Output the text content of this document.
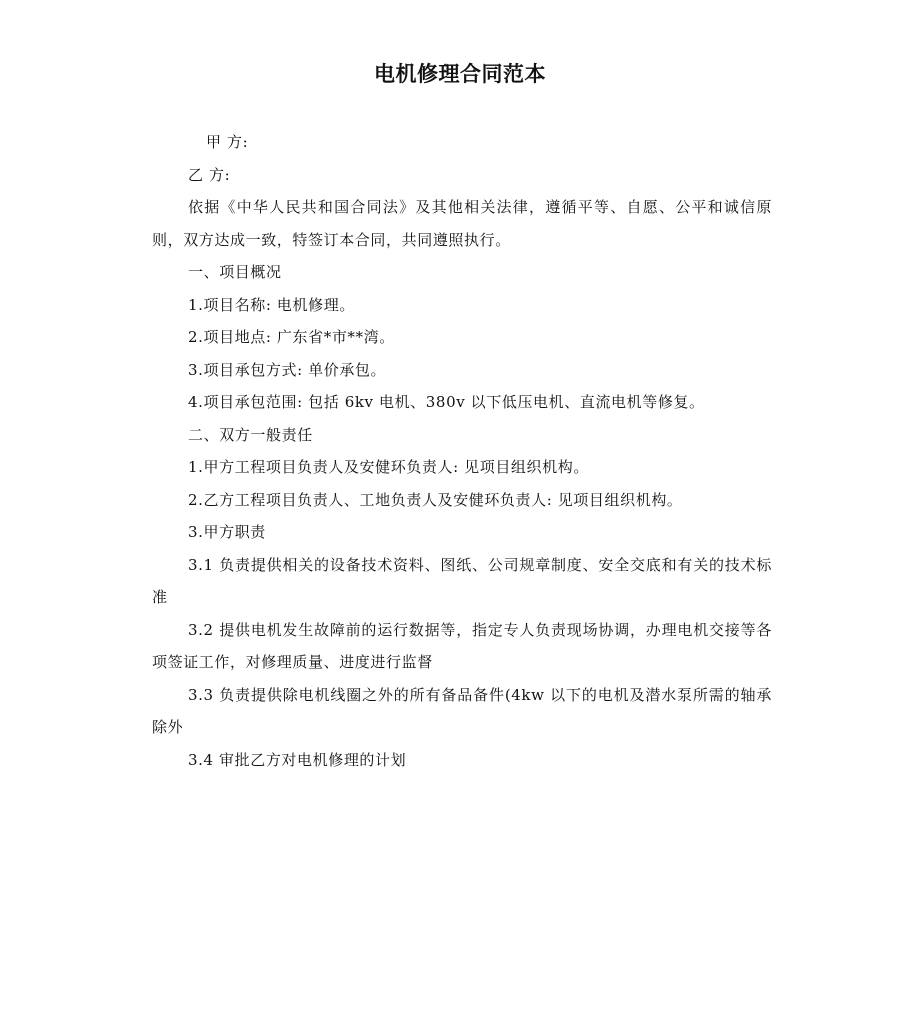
电机修理合同范本

甲 方:

乙 方:

依据《中华人民共和国合同法》及其他相关法律，遵循平等、自愿、公平和诚信原则，双方达成一致，特签订本合同，共同遵照执行。

一、项目概况

1.项目名称: 电机修理。

2.项目地点: 广东省*市**湾。

3.项目承包方式: 单价承包。

4.项目承包范围: 包括 6kv 电机、380v 以下低压电机、直流电机等修复。

二、双方一般责任

1.甲方工程项目负责人及安健环负责人: 见项目组织机构。

2.乙方工程项目负责人、工地负责人及安健环负责人: 见项目组织机构。

3.甲方职责

3.1 负责提供相关的设备技术资料、图纸、公司规章制度、安全交底和有关的技术标准

3.2 提供电机发生故障前的运行数据等，指定专人负责现场协调，办理电机交接等各项签证工作，对修理质量、进度进行监督

3.3 负责提供除电机线圈之外的所有备品备件(4kw 以下的电机及潜水泵所需的轴承除外

3.4 审批乙方对电机修理的计划
